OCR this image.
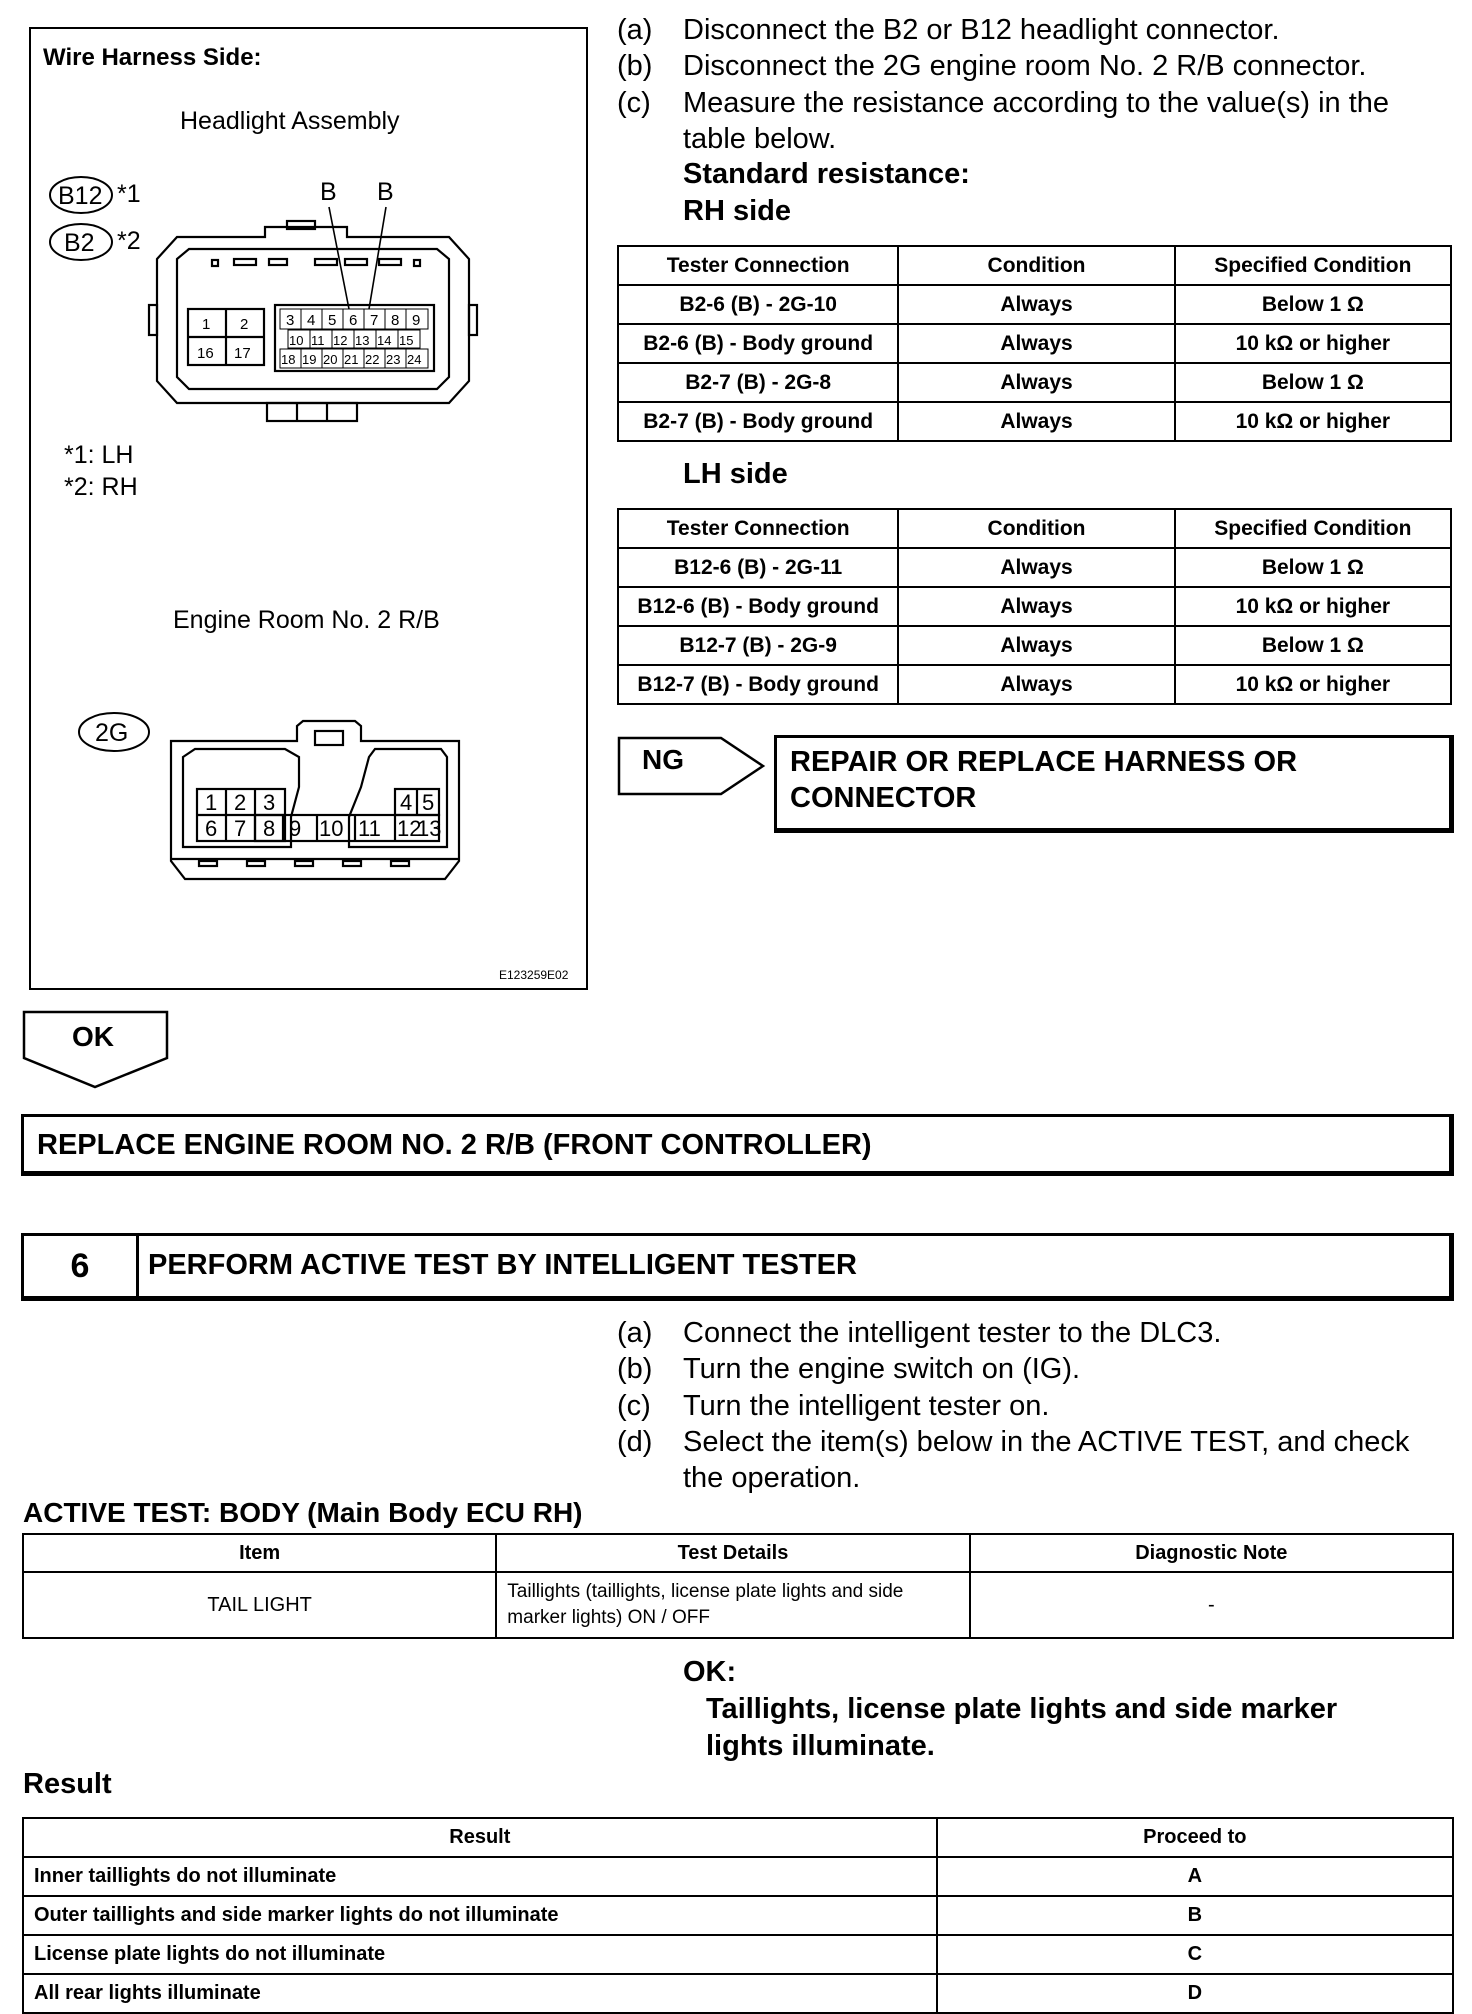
Wire Harness Side:
Headlight Assembly
B12 *1
B2 *2
B B
1 2
16 17
3 4 5 6 7 8 9
10 11 12 13 14 15
18 19 20 21 22 23 24
*1: LH
*2: RH
Engine Room No. 2 R/B
2G
1 2 3	4 5
6 7 8 9 10 11 12
13
E123259E02
(a)	Disconnect the B2 or B12 headlight connector.
(b)	Disconnect the 2G engine room No. 2 R/B connector.
(c)	Measure the resistance according to the value(s) in the table below.
Standard resistance:
RH side
Tester Connection	Condition	Specified Condition
B2-6 (B) - 2G-10	Always	Below 1 Ω
B2-6 (B) - Body ground	Always	10 kΩ or higher
B2-7 (B) - 2G-8	Always	Below 1 Ω
B2-7 (B) - Body ground	Always	10 kΩ or higher
LH side
Tester Connection	Condition	Specified Condition
B12-6 (B) - 2G-11	Always	Below 1 Ω
B12-6 (B) - Body ground	Always	10 kΩ or higher
B12-7 (B) - 2G-9	Always	Below 1 Ω
B12-7 (B) - Body ground	Always	10 kΩ or higher
NG	REPAIR OR REPLACE HARNESS OR
CONNECTOR
OK
REPLACE ENGINE ROOM NO. 2 R/B (FRONT CONTROLLER)
6	PERFORM ACTIVE TEST BY INTELLIGENT TESTER
(a)	Connect the intelligent tester to the DLC3.
(b)	Turn the engine switch on (IG).
(c)	Turn the intelligent tester on.
(d)	Select the item(s) below in the ACTIVE TEST, and check the operation.
ACTIVE TEST: BODY (Main Body ECU RH)
Item	Test Details	Diagnostic Note
TAIL LIGHT	Taillights (taillights, license plate lights and side marker lights) ON / OFF	-
OK:
Taillights, license plate lights and side marker
lights illuminate.
Result
Result	Proceed to
Inner taillights do not illuminate	A
Outer taillights and side marker lights do not illuminate	B
License plate lights do not illuminate	C
All rear lights illuminate	D
